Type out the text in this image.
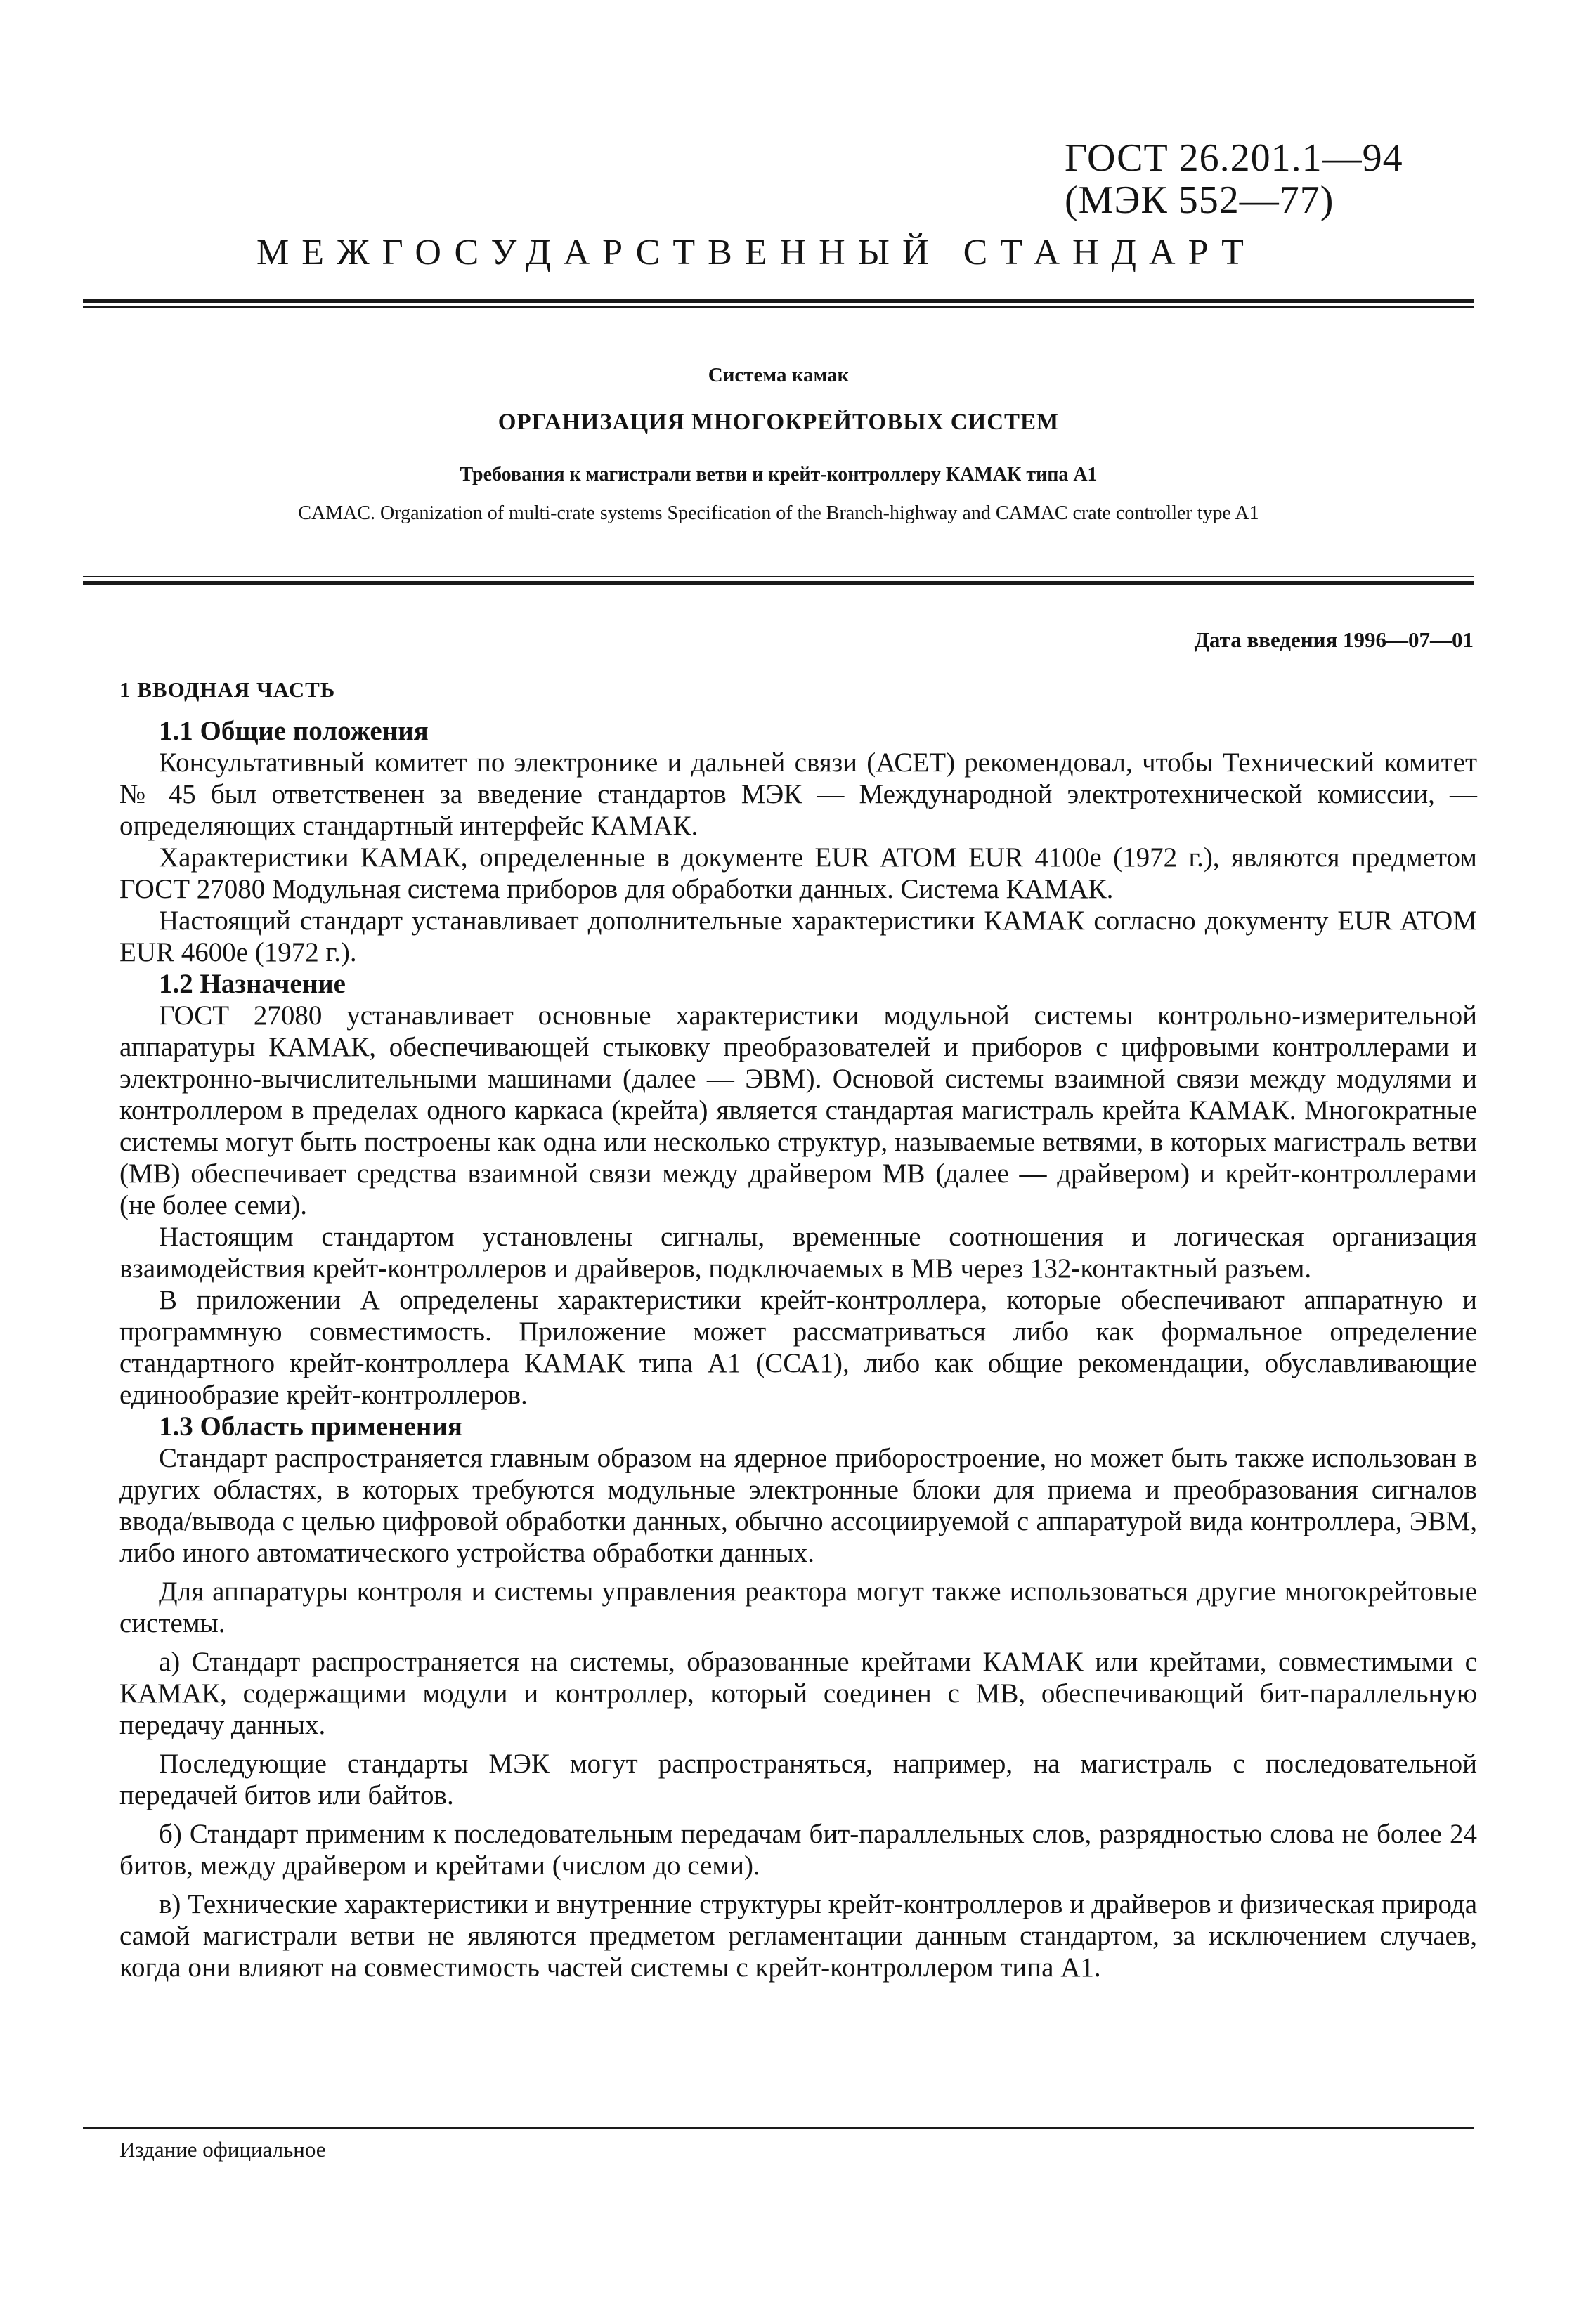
ГОСТ 26.201.1—94
(МЭК 552—77)
МЕЖГОСУДАРСТВЕННЫЙ СТАНДАРТ
Система камак
ОРГАНИЗАЦИЯ МНОГОКРЕЙТОВЫХ СИСТЕМ
Требования к магистрали ветви и крейт-контроллеру КАМАК типа А1
CAMAC. Organization of multi-crate systems Specification of the Branch-highway and CAMAC crate controller type A1
Дата введения 1996—07—01

1 ВВОДНАЯ ЧАСТЬ

1.1 Общие положения

Консультативный комитет по электронике и дальней связи (АСЕТ) рекомендовал, чтобы Технический комитет № 45 был ответственен за введение стандартов МЭК — Международной электротехнической комиссии, — определяющих стандартный интерфейс КАМАК.

Характеристики КАМАК, определенные в документе EUR ATOM EUR 4100е (1972 г.), являются предметом ГОСТ 27080 Модульная система приборов для обработки данных. Система КАМАК.

Настоящий стандарт устанавливает дополнительные характеристики КАМАК согласно документу EUR ATOM EUR 4600е (1972 г.).

1.2 Назначение

ГОСТ 27080 устанавливает основные характеристики модульной системы контрольно-измерительной аппаратуры КАМАК, обеспечивающей стыковку преобразователей и приборов с цифровыми контроллерами и электронно-вычислительными машинами (далее — ЭВМ). Основой системы взаимной связи между модулями и контроллером в пределах одного каркаса (крейта) является стандартая магистраль крейта КАМАК. Многократные системы могут быть построены как одна или несколько структур, называемые ветвями, в которых магистраль ветви (МВ) обеспечивает средства взаимной связи между драйвером МВ (далее — драйвером) и крейт-контроллерами (не более семи).

Настоящим стандартом установлены сигналы, временные соотношения и логическая организация взаимодействия крейт-контроллеров и драйверов, подключаемых в МВ через 132-контактный разъем.

В приложении А определены характеристики крейт-контроллера, которые обеспечивают аппаратную и программную совместимость. Приложение может рассматриваться либо как формальное определение стандартного крейт-контроллера КАМАК типа А1 (ССА1), либо как общие рекомендации, обуславливающие единообразие крейт-контроллеров.

1.3 Область применения

Стандарт распространяется главным образом на ядерное приборостроение, но может быть также использован в других областях, в которых требуются модульные электронные блоки для приема и преобразования сигналов ввода/вывода с целью цифровой обработки данных, обычно ассоциируемой с аппаратурой вида контроллера, ЭВМ, либо иного автоматического устройства обработки данных.

Для аппаратуры контроля и системы управления реактора могут также использоваться другие многокрейтовые системы.

а) Стандарт распространяется на системы, образованные крейтами КАМАК или крейтами, совместимыми с КАМАК, содержащими модули и контроллер, который соединен с МВ, обеспечивающий бит-параллельную передачу данных.

Последующие стандарты МЭК могут распространяться, например, на магистраль с последовательной передачей битов или байтов.

б) Стандарт применим к последовательным передачам бит-параллельных слов, разрядностью слова не более 24 битов, между драйвером и крейтами (числом до семи).

в) Технические характеристики и внутренние структуры крейт-контроллеров и драйверов и физическая природа самой магистрали ветви не являются предметом регламентации данным стандартом, за исключением случаев, когда они влияют на совместимость частей системы с крейт-контроллером типа А1.

Издание официальное
